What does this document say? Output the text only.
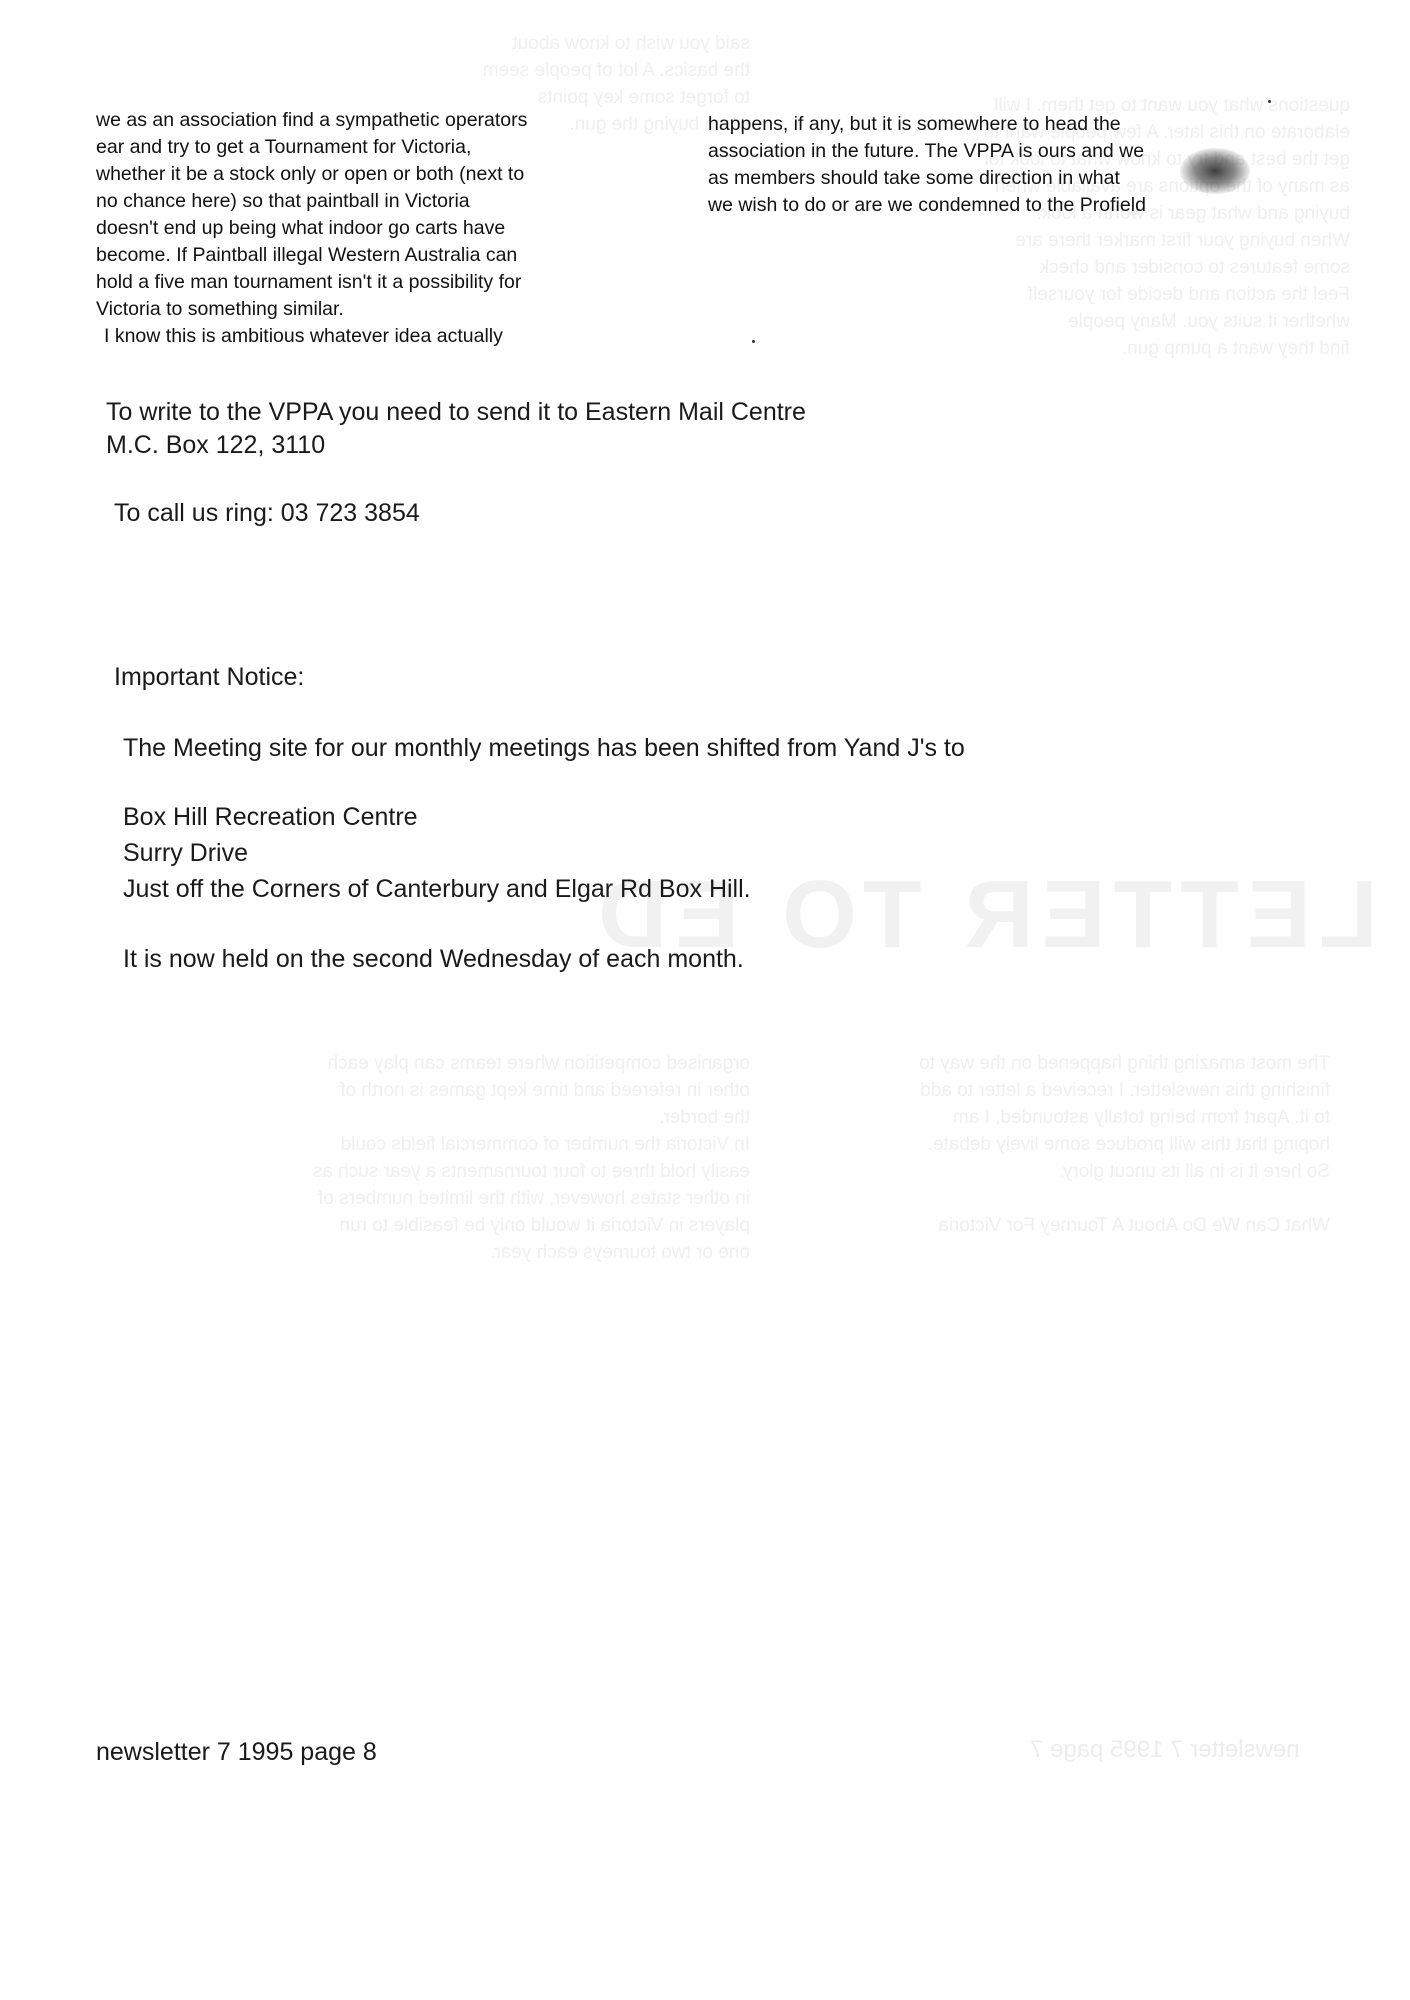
questions what you want to get them. I will
elaborate on this later. A few people want to
get the best to know what to look for
as many of are available when
buying and what gear is worth a look.
When buying your first marker there are
some features to consider and check
Feel the action and decide for yourself
whether it suits you. Many people
find they want a pump gun.
said you wish to know about
the basics. A lot of people seem
to forget some key points
when buying the gun.
LETTER TO ED
The most amazing thing happened on the way to
finishing this newsletter. I received a letter to add
to it. Apart from being totally astounded, I am
hoping that this will produce some lively debate.
So here it is in all its uncut glory.

What Can We Do About A Tourney For Victoria
organised competition where teams can play each
other in refereed and time kept games is north of
the border.
In Victoria the number of commercial fields could
easily hold three to four tournaments a year such as
in other states however, with the limited numbers of
players in Victoria it would only be feasible to run
one or two tourneys each year.
newsletter 7 1995 page 7

we as an association find a sympathetic operators
ear and try to get a Tournament for Victoria,
whether it be a stock only or open or both (next to
no chance here) so that paintball in Victoria
doesn't end up being what indoor go carts have
become. If Paintball illegal Western Australia can
hold a five man tournament isn't it a possibility for
Victoria to something similar.

I know this is ambitious whatever idea actually

happens, if any, but it is somewhere to head the
association in the future. The VPPA is ours and we
as members should take some direction in what
we wish to do or are we condemned to the Profield

To write to the VPPA you need to send it to Eastern Mail Centre
M.C. Box 122, 3110
To call us ring: 03 723 3854
Important Notice:
The Meeting site for our monthly meetings has been shifted from Yand J's to
Box Hill Recreation Centre
Surry Drive
Just off the Corners of Canterbury and Elgar Rd Box Hill.
It is now held on the second Wednesday of each month.
newsletter 7 1995 page 8
